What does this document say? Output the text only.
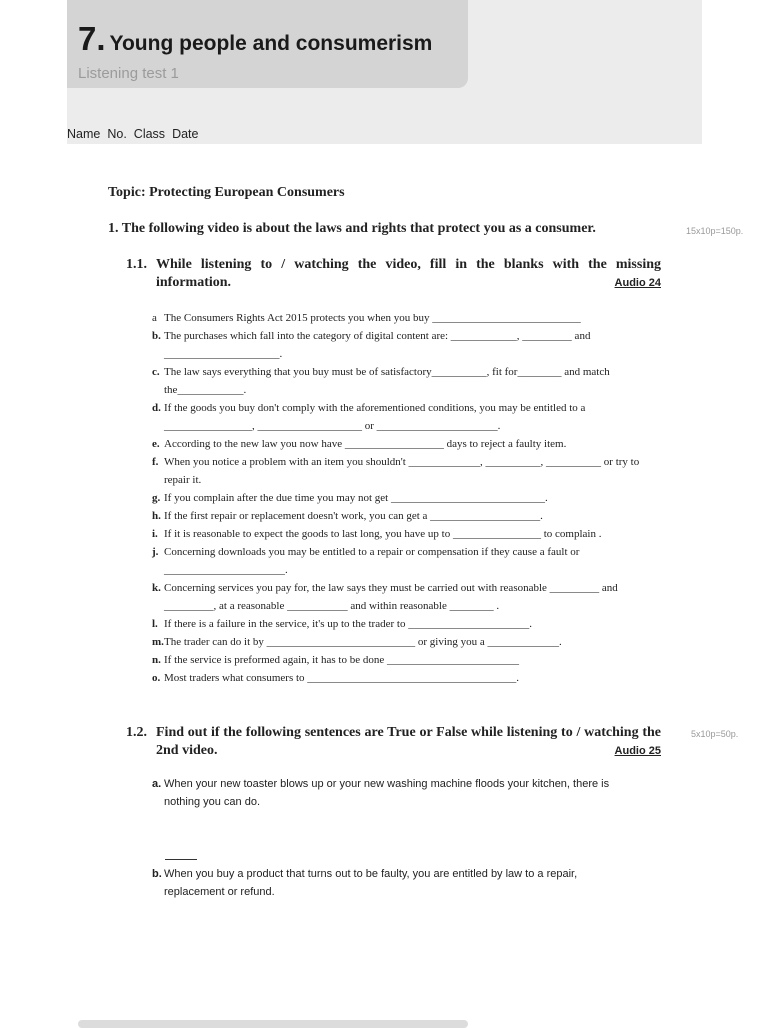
7. Young people and consumerism
Listening test 1
Name No. Class Date
Topic: Protecting European Consumers
1. The following video is about the laws and rights that protect you as a consumer.	15x10p=150p.
1.1. While listening to / watching the video, fill in the blanks with the missing information.	Audio 24
a The Consumers Rights Act 2015 protects you when you buy ___________________________
b. The purchases which fall into the category of digital content are: ____________, _________ and _____________________.
c. The law says everything that you buy must be of satisfactory__________, fit for________ and match the____________.
d. If the goods you buy don't comply with the aforementioned conditions, you may be entitled to a ________________, ___________________ or ______________________.
e. According to the new law you now have __________________ days to reject a faulty item.
f. When you notice a problem with an item you shouldn't _____________, __________, __________ or try to repair it.
g. If you complain after the due time you may not get ____________________________.
h. If the first repair or replacement doesn't work, you can get a ____________________.
i. If it is reasonable to expect the goods to last long, you have up to ________________ to complain .
j. Concerning downloads you may be entitled to a repair or compensation if they cause a fault or ______________________.
k. Concerning services you pay for, the law says they must be carried out with reasonable _________ and _________, at a reasonable ___________ and within reasonable ________ .
l. If there is a failure in the service, it's up to the trader to ______________________.
m. The trader can do it by ___________________________ or giving you a _____________.
n. If the service is preformed again, it has to be done ________________________
o. Most traders what consumers to ______________________________________.
1.2. Find out if the following sentences are True or False while listening to / watching the 2nd video.	Audio 25
5x10p=50p.
a. When your new toaster blows up or your new washing machine floods your kitchen, there is nothing you can do.
b. When you buy a product that turns out to be faulty, you are entitled by law to a repair, replacement or refund.
